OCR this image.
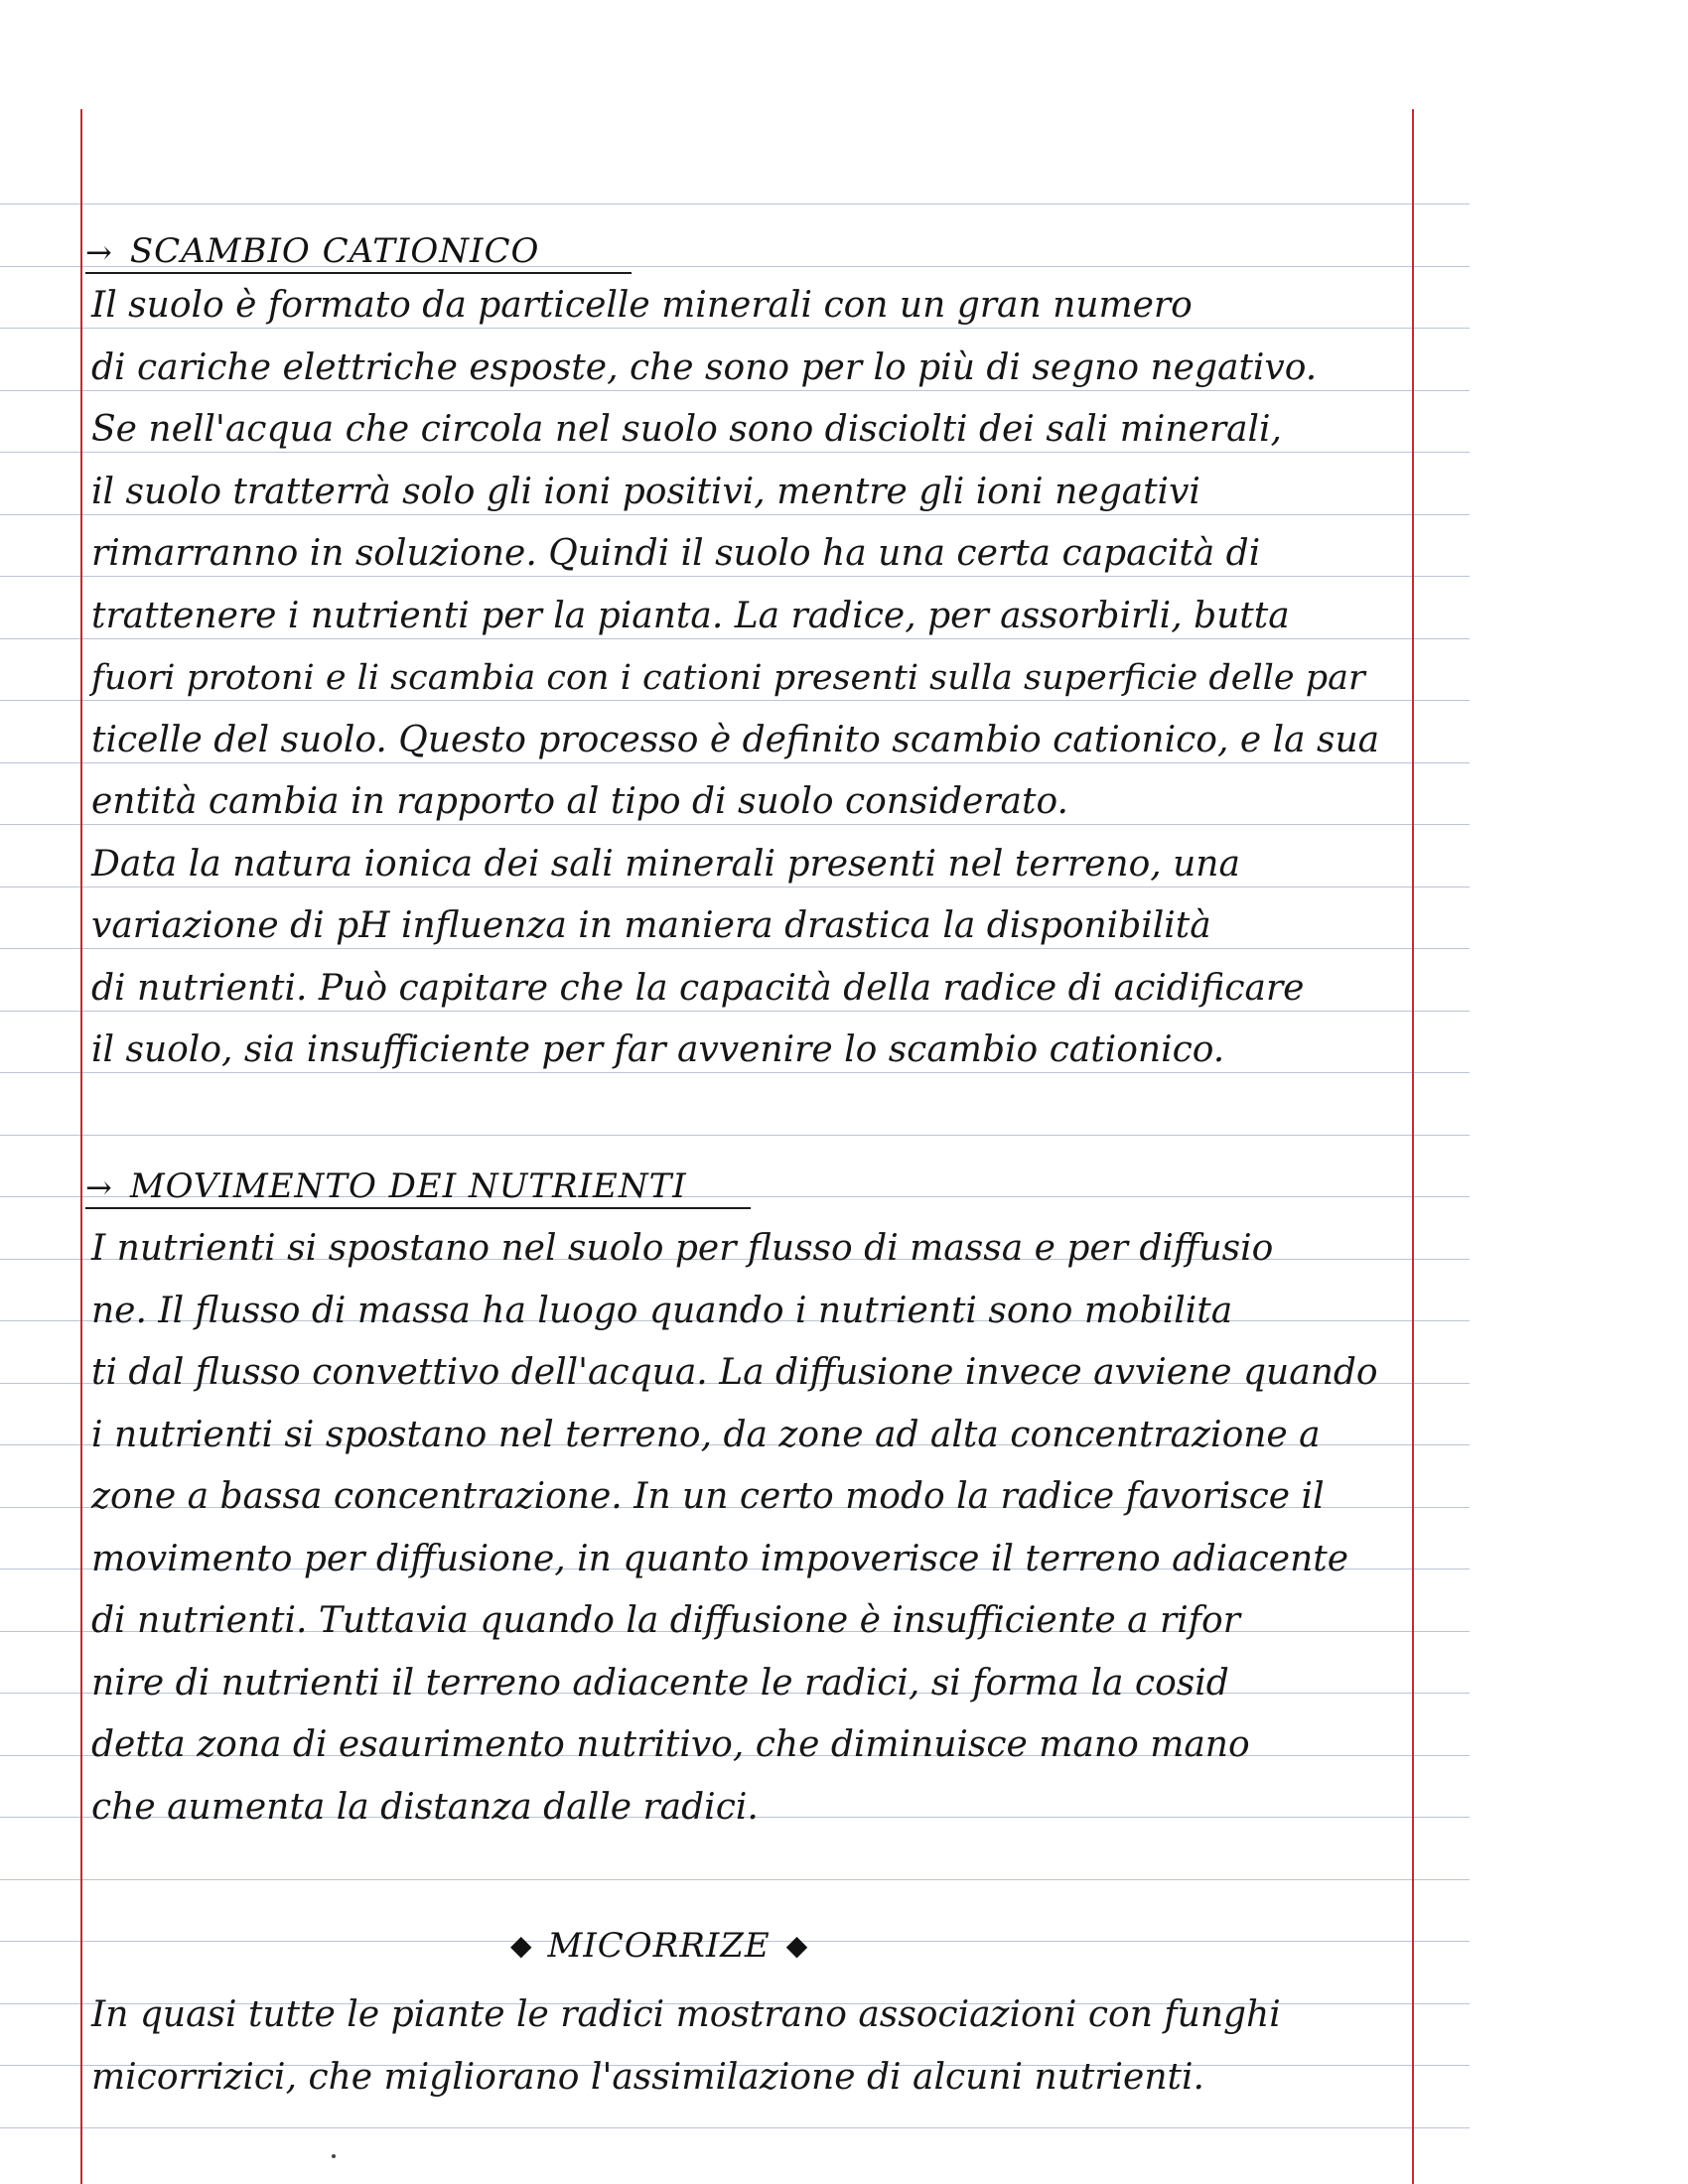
→ SCAMBIO CATIONICO
Il suolo è formato da particelle minerali con un gran numero
di cariche elettriche esposte, che sono per lo più di segno negativo.
Se nell'acqua che circola nel suolo sono disciolti dei sali minerali,
il suolo tratterrà solo gli ioni positivi, mentre gli ioni negativi
rimarranno in soluzione. Quindi il suolo ha una certa capacità di
trattenere i nutrienti per la pianta. La radice, per assorbirli, butta
fuori protoni e li scambia con i cationi presenti sulla superficie delle par
ticelle del suolo. Questo processo è definito scambio cationico, e la sua
entità cambia in rapporto al tipo di suolo considerato.
Data la natura ionica dei sali minerali presenti nel terreno, una
variazione di pH influenza in maniera drastica la disponibilità
di nutrienti. Può capitare che la capacità della radice di acidificare
il suolo, sia insufficiente per far avvenire lo scambio cationico.
→ MOVIMENTO DEI NUTRIENTI
I nutrienti si spostano nel suolo per flusso di massa e per diffusio
ne. Il flusso di massa ha luogo quando i nutrienti sono mobilita
ti dal flusso convettivo dell'acqua. La diffusione invece avviene quando
i nutrienti si spostano nel terreno, da zone ad alta concentrazione a
zone a bassa concentrazione. In un certo modo la radice favorisce il
movimento per diffusione, in quanto impoverisce il terreno adiacente
di nutrienti. Tuttavia quando la diffusione è insufficiente a rifor
nire di nutrienti il terreno adiacente le radici, si forma la cosid
detta zona di esaurimento nutritivo, che diminuisce mano mano
che aumenta la distanza dalle radici.
◆ MICORRIZE ◆
In quasi tutte le piante le radici mostrano associazioni con funghi
micorrizici, che migliorano l'assimilazione di alcuni nutrienti.
